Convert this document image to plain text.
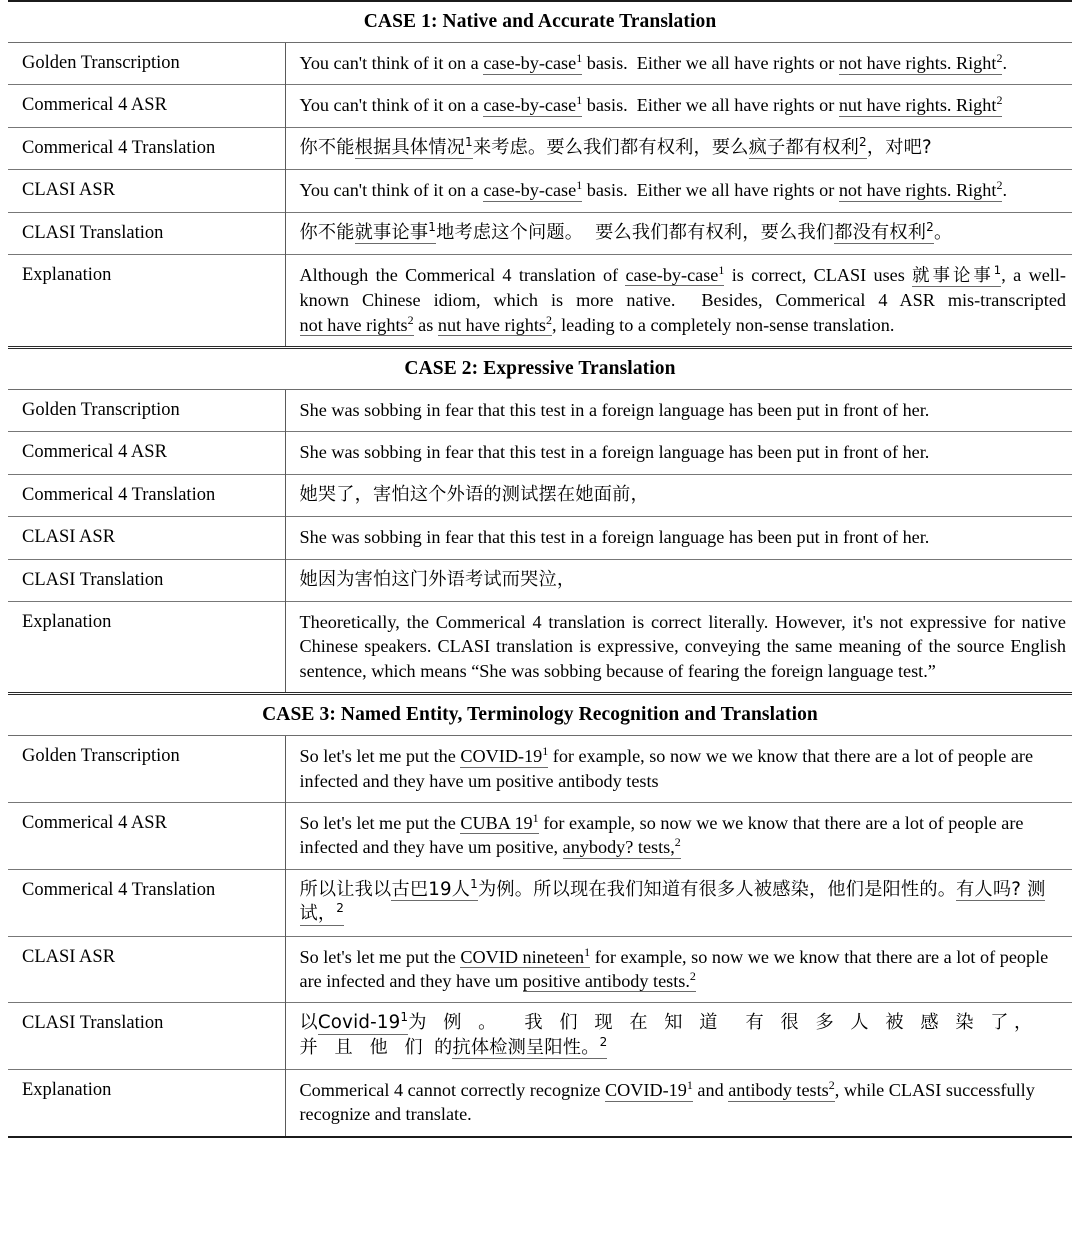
CASE 1: Native and Accurate Translation	

Golden Transcription	You can't think of it on a case-by-case$^1$ basis.  Either we all have rights or not have rights. Right$^2$.

Commerical 4 ASR	You can't think of it on a case-by-case$^1$ basis.  Either we all have rights or nut have rights. Right$^2$

Commerical 4 Translation	你不能根据具体情况$^1$来考虑。要么我们都有权利，要么疯子都有权利$^2$，对吧?

CLASI ASR	You can't think of it on a case-by-case$^1$ basis.  Either we all have rights or not have rights. Right$^2$.

CLASI Translation	你不能就事论事$^1$地考虑这个问题。  要么我们都有权利，要么我们都没有权利$^2$。

Explanation	Although the Commerical 4 translation of case-by-case$^1$ is correct, CLASI uses 就事论事$^1$, a well-known Chinese idiom, which is more native.  Besides, Commerical 4 ASR mis-transcripted not have rights$^2$ as nut have rights$^2$, leading to a completely non-sense translation.

CASE 2: Expressive Translation	

Golden Transcription	She was sobbing in fear that this test in a foreign language has been put in front of her.

Commerical 4 ASR	She was sobbing in fear that this test in a foreign language has been put in front of her.

Commerical 4 Translation	她哭了，害怕这个外语的测试摆在她面前，

CLASI ASR	She was sobbing in fear that this test in a foreign language has been put in front of her.

CLASI Translation	她因为害怕这门外语考试而哭泣，

Explanation	Theoretically, the Commerical 4 translation is correct literally. However, it's not expressive for native Chinese speakers. CLASI translation is expressive, conveying the same meaning of the source English sentence, which means “She was sobbing because of fearing the foreign language test.”

CASE 3: Named Entity, Terminology Recognition and Translation	

Golden Transcription	So let's let me put the COVID-$19^1$ for example, so now we we know that there are a lot of people are infected and they have um positive antibody tests

Commerical 4 ASR	So let's let me put the CUBA $19^1$ for example, so now we we know that there are a lot of people are infected and they have um positive, anybody? tests,$^2$

Commerical 4 Translation	所以让我以古巴19人$^1$为例。所以现在我们知道有很多人被感染，他们是阳性的。有人吗? 测试，$^2$

CLASI ASR	So let's let me put the COVID nineteen$^1$ for example, so now we we know that there are a lot of people are infected and they have um positive antibody tests.$^2$

CLASI Translation	以Covid-$19^1$为 例 。  我 们 现 在 知 道  有 很 多 人 被 感 染 了，  并 且 他 们 的抗体检测呈阳性。$^2$

Explanation	Commerical 4 cannot correctly recognize COVID-$19^1$ and antibody tests$^2$, while CLASI successfully recognize and translate.
